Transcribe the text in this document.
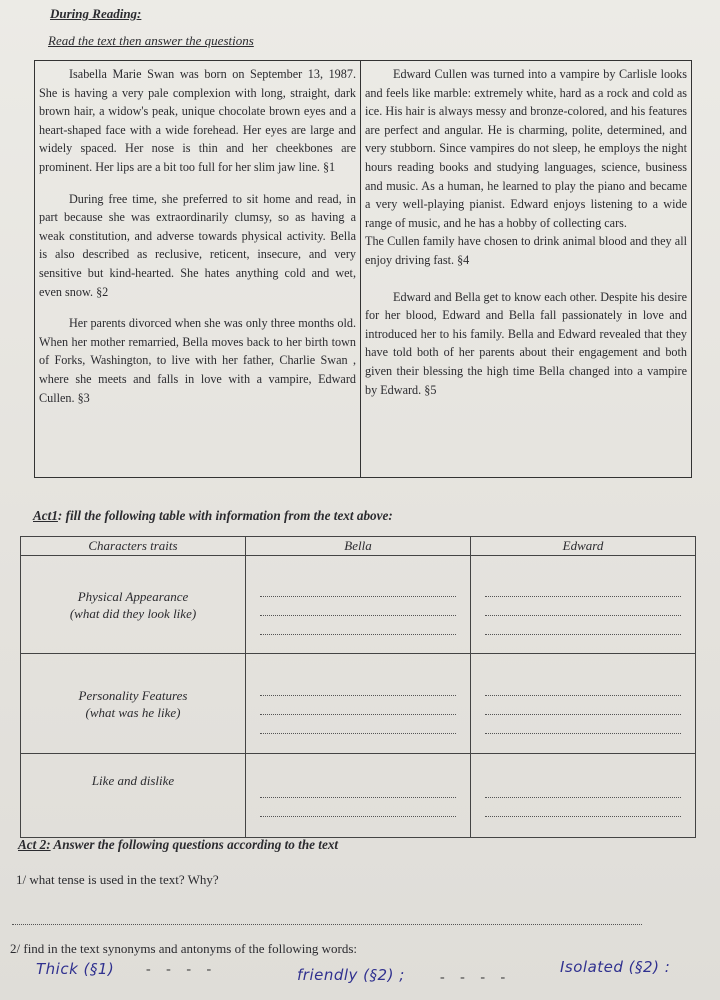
During Reading:
Read the text then answer the questions

Isabella Marie Swan was born on September 13, 1987. She is having a very pale complexion with long, straight, dark brown hair, a widow's peak, unique chocolate brown eyes and a heart-shaped face with a wide forehead. Her eyes are large and widely spaced. Her nose is thin and her cheekbones are prominent. Her lips are a bit too full for her slim jaw line. §1

During free time, she preferred to sit home and read, in part because she was extraordinarily clumsy, so as having a weak constitution, and adverse towards physical activity. Bella is also described as reclusive, reticent, insecure, and very sensitive but kind-hearted. She hates anything cold and wet, even snow. §2

Her parents divorced when she was only three months old. When her mother remarried, Bella moves back to her birth town of Forks, Washington, to live with her father, Charlie Swan , where she meets and falls in love with a vampire, Edward Cullen. §3

Edward Cullen was turned into a vampire by Carlisle looks and feels like marble: extremely white, hard as a rock and cold as ice. His hair is always messy and bronze-colored, and his features are perfect and angular. He is charming, polite, determined, and very stubborn. Since vampires do not sleep, he employs the night hours reading books and studying languages, science, business and music. As a human, he learned to play the piano and became a very well-playing pianist. Edward enjoys listening to a wide range of music, and he has a hobby of collecting cars.

The Cullen family have chosen to drink animal blood and they all enjoy driving fast. §4

Edward and Bella get to know each other. Despite his desire for her blood, Edward and Bella fall passionately in love and introduced her to his family. Bella and Edward revealed that they have told both of her parents about their engagement and both given their blessing the high time Bella changed into a vampire by Edward. §5

Act1: fill the following table with information from the text above:
Characters traits	Bella	Edward

Physical Appearance
(what did they look like)		

Personality Features
(what was he like)		

Like and dislike		

Act 2: Answer the following questions according to the text
1/ what tense is used in the text? Why?
2/ find in the text synonyms and antonyms of the following words:
Thick (§1) - - - -	friendly (§2) ;	- - - -
Isolated (§2) :
